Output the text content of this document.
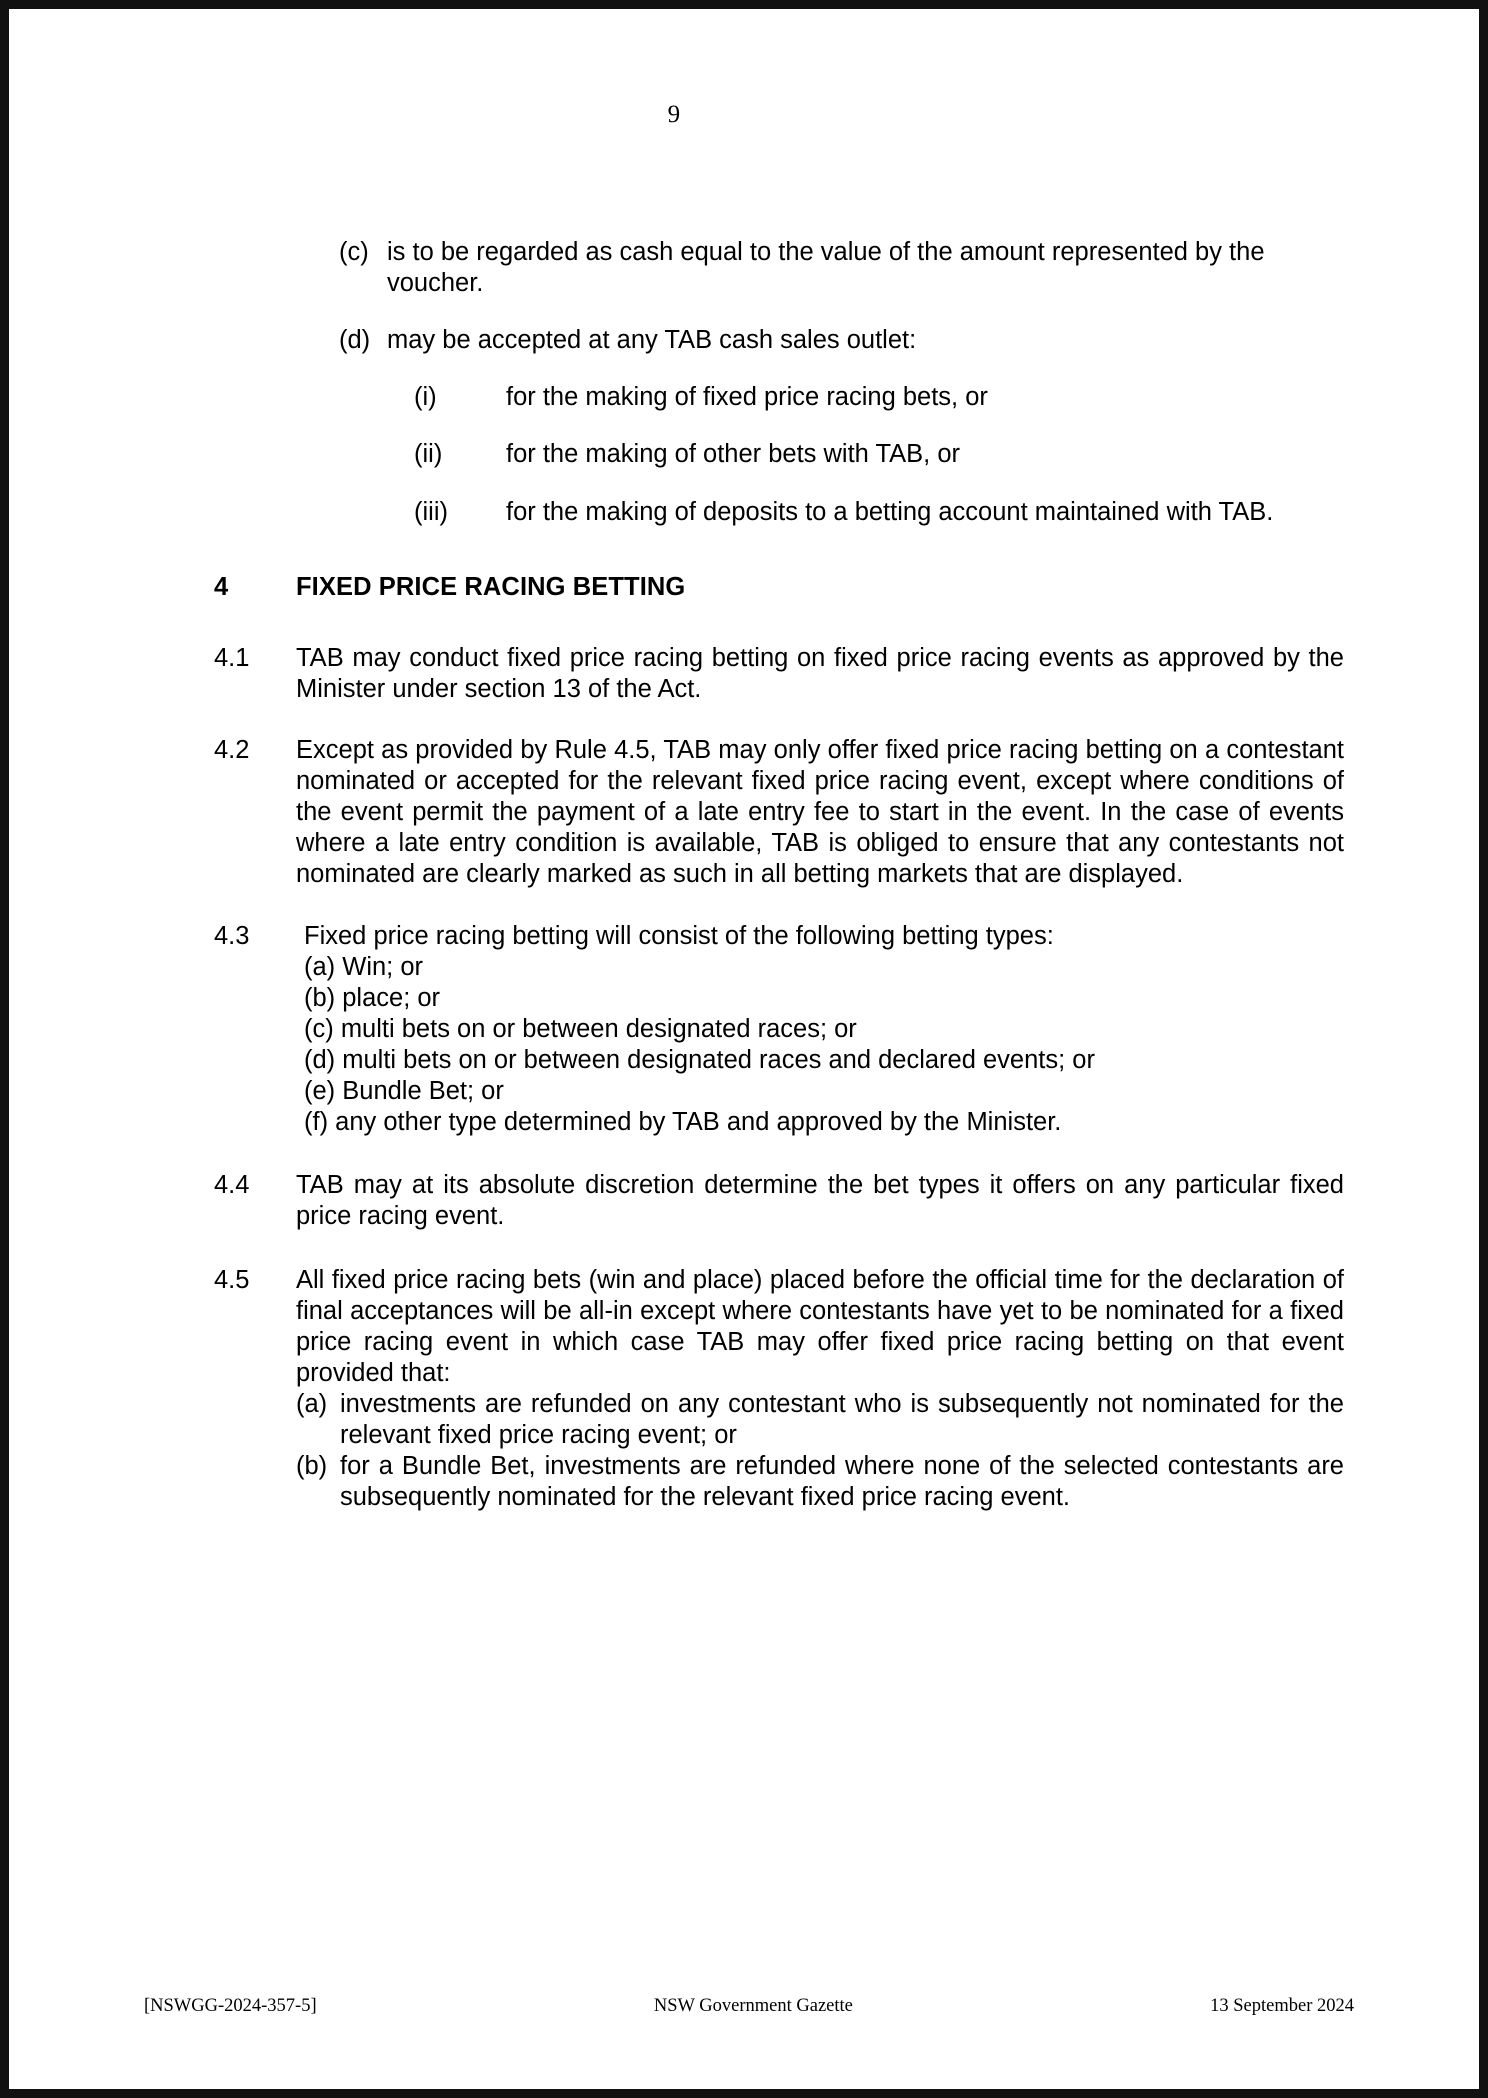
9
(c) is to be regarded as cash equal to the value of the amount represented by the voucher.
(d) may be accepted at any TAB cash sales outlet:
(i)	for the making of fixed price racing bets, or
(ii)	for the making of other bets with TAB, or
(iii)	for the making of deposits to a betting account maintained with TAB.
4	FIXED PRICE RACING BETTING
4.1	TAB may conduct fixed price racing betting on fixed price racing events as approved by the Minister under section 13 of the Act.
4.2	Except as provided by Rule 4.5, TAB may only offer fixed price racing betting on a contestant nominated or accepted for the relevant fixed price racing event, except where conditions of the event permit the payment of a late entry fee to start in the event. In the case of events where a late entry condition is available, TAB is obliged to ensure that any contestants not nominated are clearly marked as such in all betting markets that are displayed.
4.3	Fixed price racing betting will consist of the following betting types:
(a) Win; or
(b) place; or
(c) multi bets on or between designated races; or
(d) multi bets on or between designated races and declared events; or
(e) Bundle Bet; or
(f) any other type determined by TAB and approved by the Minister.
4.4	TAB may at its absolute discretion determine the bet types it offers on any particular fixed price racing event.
4.5	All fixed price racing bets (win and place) placed before the official time for the declaration of final acceptances will be all-in except where contestants have yet to be nominated for a fixed price racing event in which case TAB may offer fixed price racing betting on that event provided that:
(a) investments are refunded on any contestant who is subsequently not nominated for the relevant fixed price racing event; or
(b) for a Bundle Bet, investments are refunded where none of the selected contestants are subsequently nominated for the relevant fixed price racing event.
[NSWGG-2024-357-5]	NSW Government Gazette	13 September 2024
